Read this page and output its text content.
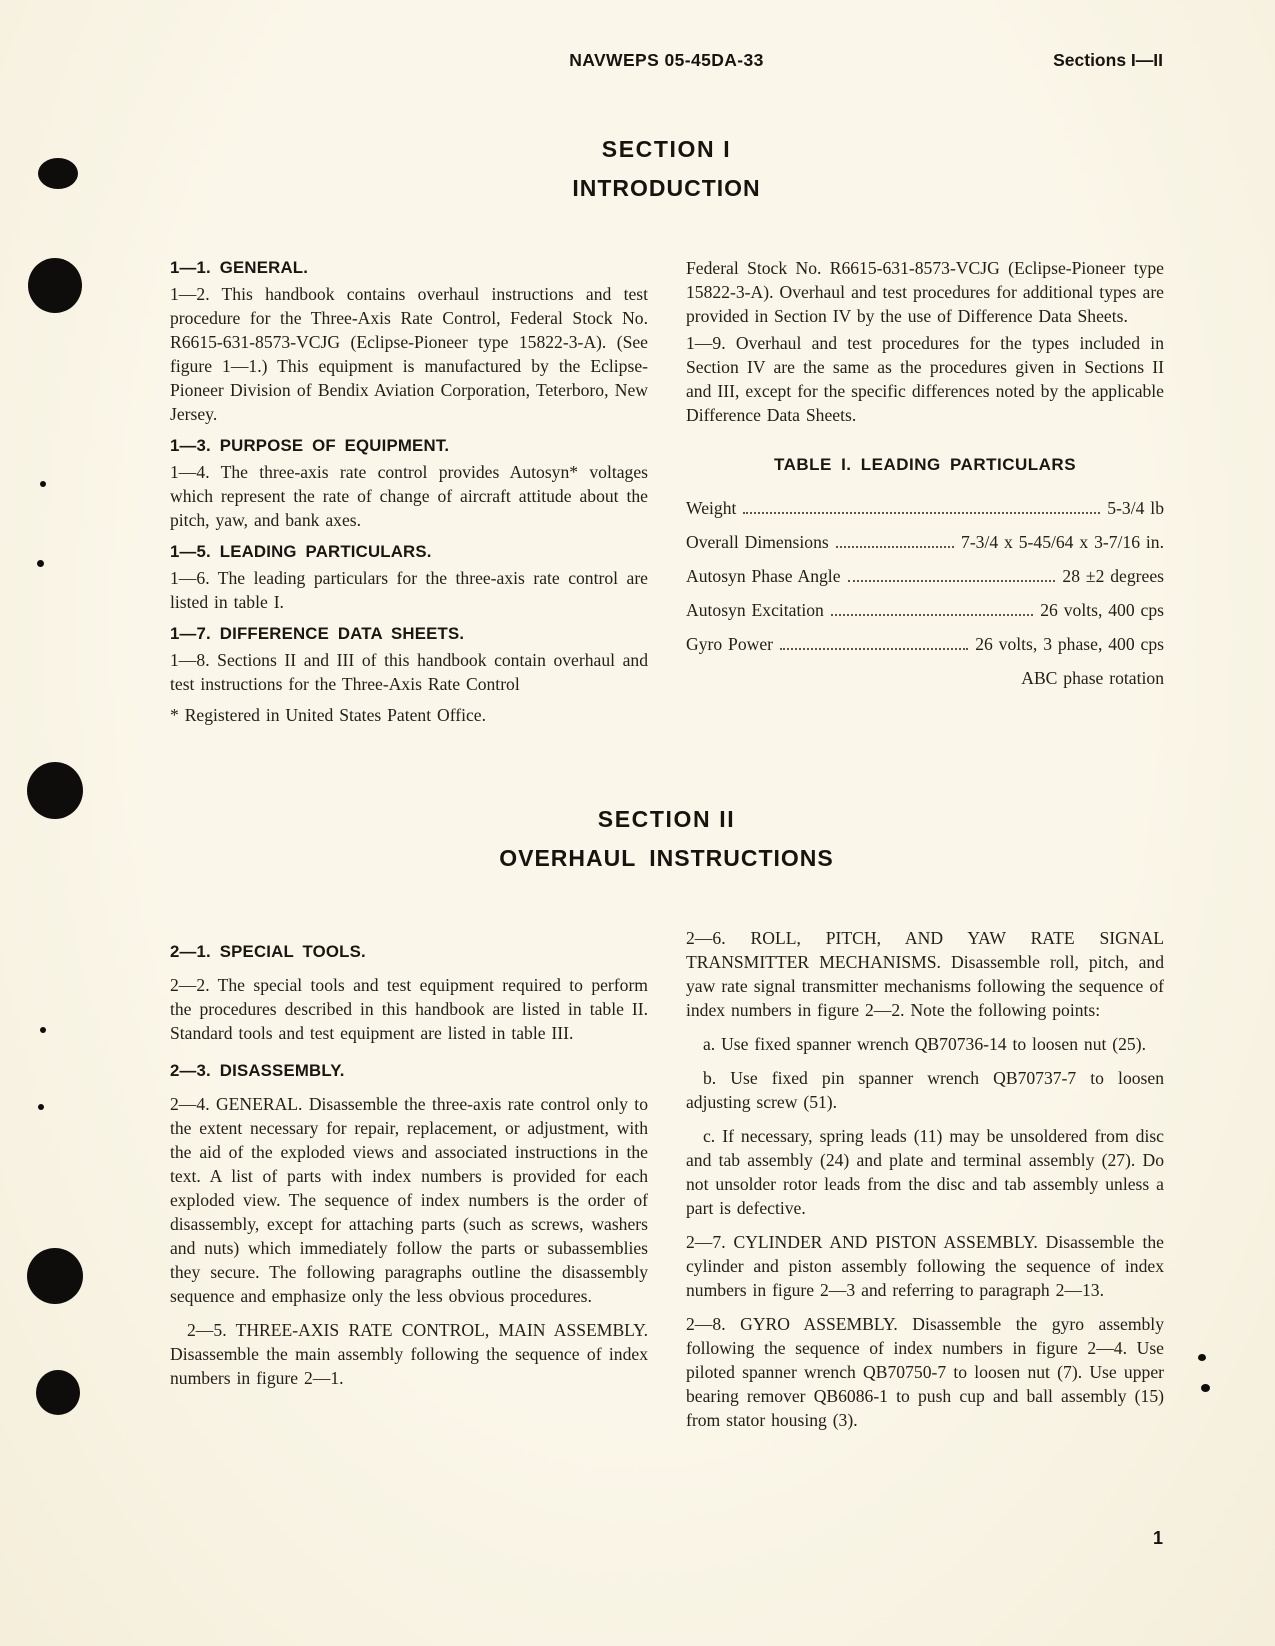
NAVWEPS 05-45DA-33	Sections I—II
SECTION I
INTRODUCTION
1—1. GENERAL.

1—2. This handbook contains overhaul instructions and test procedure for the Three-Axis Rate Control, Federal Stock No. R6615-631-8573-VCJG (Eclipse-Pioneer type 15822-3-A). (See figure 1—1.) This equipment is manufactured by the Eclipse-Pioneer Division of Bendix Aviation Corporation, Teterboro, New Jersey.

1—3. PURPOSE OF EQUIPMENT.

1—4. The three-axis rate control provides Autosyn* voltages which represent the rate of change of aircraft attitude about the pitch, yaw, and bank axes.

1—5. LEADING PARTICULARS.

1—6. The leading particulars for the three-axis rate control are listed in table I.

1—7. DIFFERENCE DATA SHEETS.

1—8. Sections II and III of this handbook contain overhaul and test instructions for the Three-Axis Rate Control

* Registered in United States Patent Office.

Federal Stock No. R6615-631-8573-VCJG (Eclipse-Pioneer type 15822-3-A). Overhaul and test procedures for additional types are provided in Section IV by the use of Difference Data Sheets.

1—9. Overhaul and test procedures for the types included in Section IV are the same as the procedures given in Sections II and III, except for the specific differences noted by the applicable Difference Data Sheets.

TABLE I. LEADING PARTICULARS
Weight	5-3/4 lb
Overall Dimensions	7-3/4 x 5-45/64 x 3-7/16 in.
Autosyn Phase Angle	28 ±2 degrees
Autosyn Excitation	26 volts, 400 cps
Gyro Power	26 volts, 3 phase, 400 cps
ABC phase rotation
SECTION II
OVERHAUL INSTRUCTIONS
2—1. SPECIAL TOOLS.

2—2. The special tools and test equipment required to perform the procedures described in this handbook are listed in table II. Standard tools and test equipment are listed in table III.

2—3. DISASSEMBLY.

2—4. GENERAL. Disassemble the three-axis rate control only to the extent necessary for repair, replacement, or adjustment, with the aid of the exploded views and associated instructions in the text. A list of parts with index numbers is provided for each exploded view. The sequence of index numbers is the order of disassembly, except for attaching parts (such as screws, washers and nuts) which immediately follow the parts or subassemblies they secure. The following paragraphs outline the disassembly sequence and emphasize only the less obvious procedures.

2—5. THREE-AXIS RATE CONTROL, MAIN ASSEMBLY. Disassemble the main assembly following the sequence of index numbers in figure 2—1.

2—6. ROLL, PITCH, AND YAW RATE SIGNAL TRANSMITTER MECHANISMS. Disassemble roll, pitch, and yaw rate signal transmitter mechanisms following the sequence of index numbers in figure 2—2. Note the following points:

a. Use fixed spanner wrench QB70736-14 to loosen nut (25).

b. Use fixed pin spanner wrench QB70737-7 to loosen adjusting screw (51).

c. If necessary, spring leads (11) may be unsoldered from disc and tab assembly (24) and plate and terminal assembly (27). Do not unsolder rotor leads from the disc and tab assembly unless a part is defective.

2—7. CYLINDER AND PISTON ASSEMBLY. Disassemble the cylinder and piston assembly following the sequence of index numbers in figure 2—3 and referring to paragraph 2—13.

2—8. GYRO ASSEMBLY. Disassemble the gyro assembly following the sequence of index numbers in figure 2—4. Use piloted spanner wrench QB70750-7 to loosen nut (7). Use upper bearing remover QB6086-1 to push cup and ball assembly (15) from stator housing (3).

1
